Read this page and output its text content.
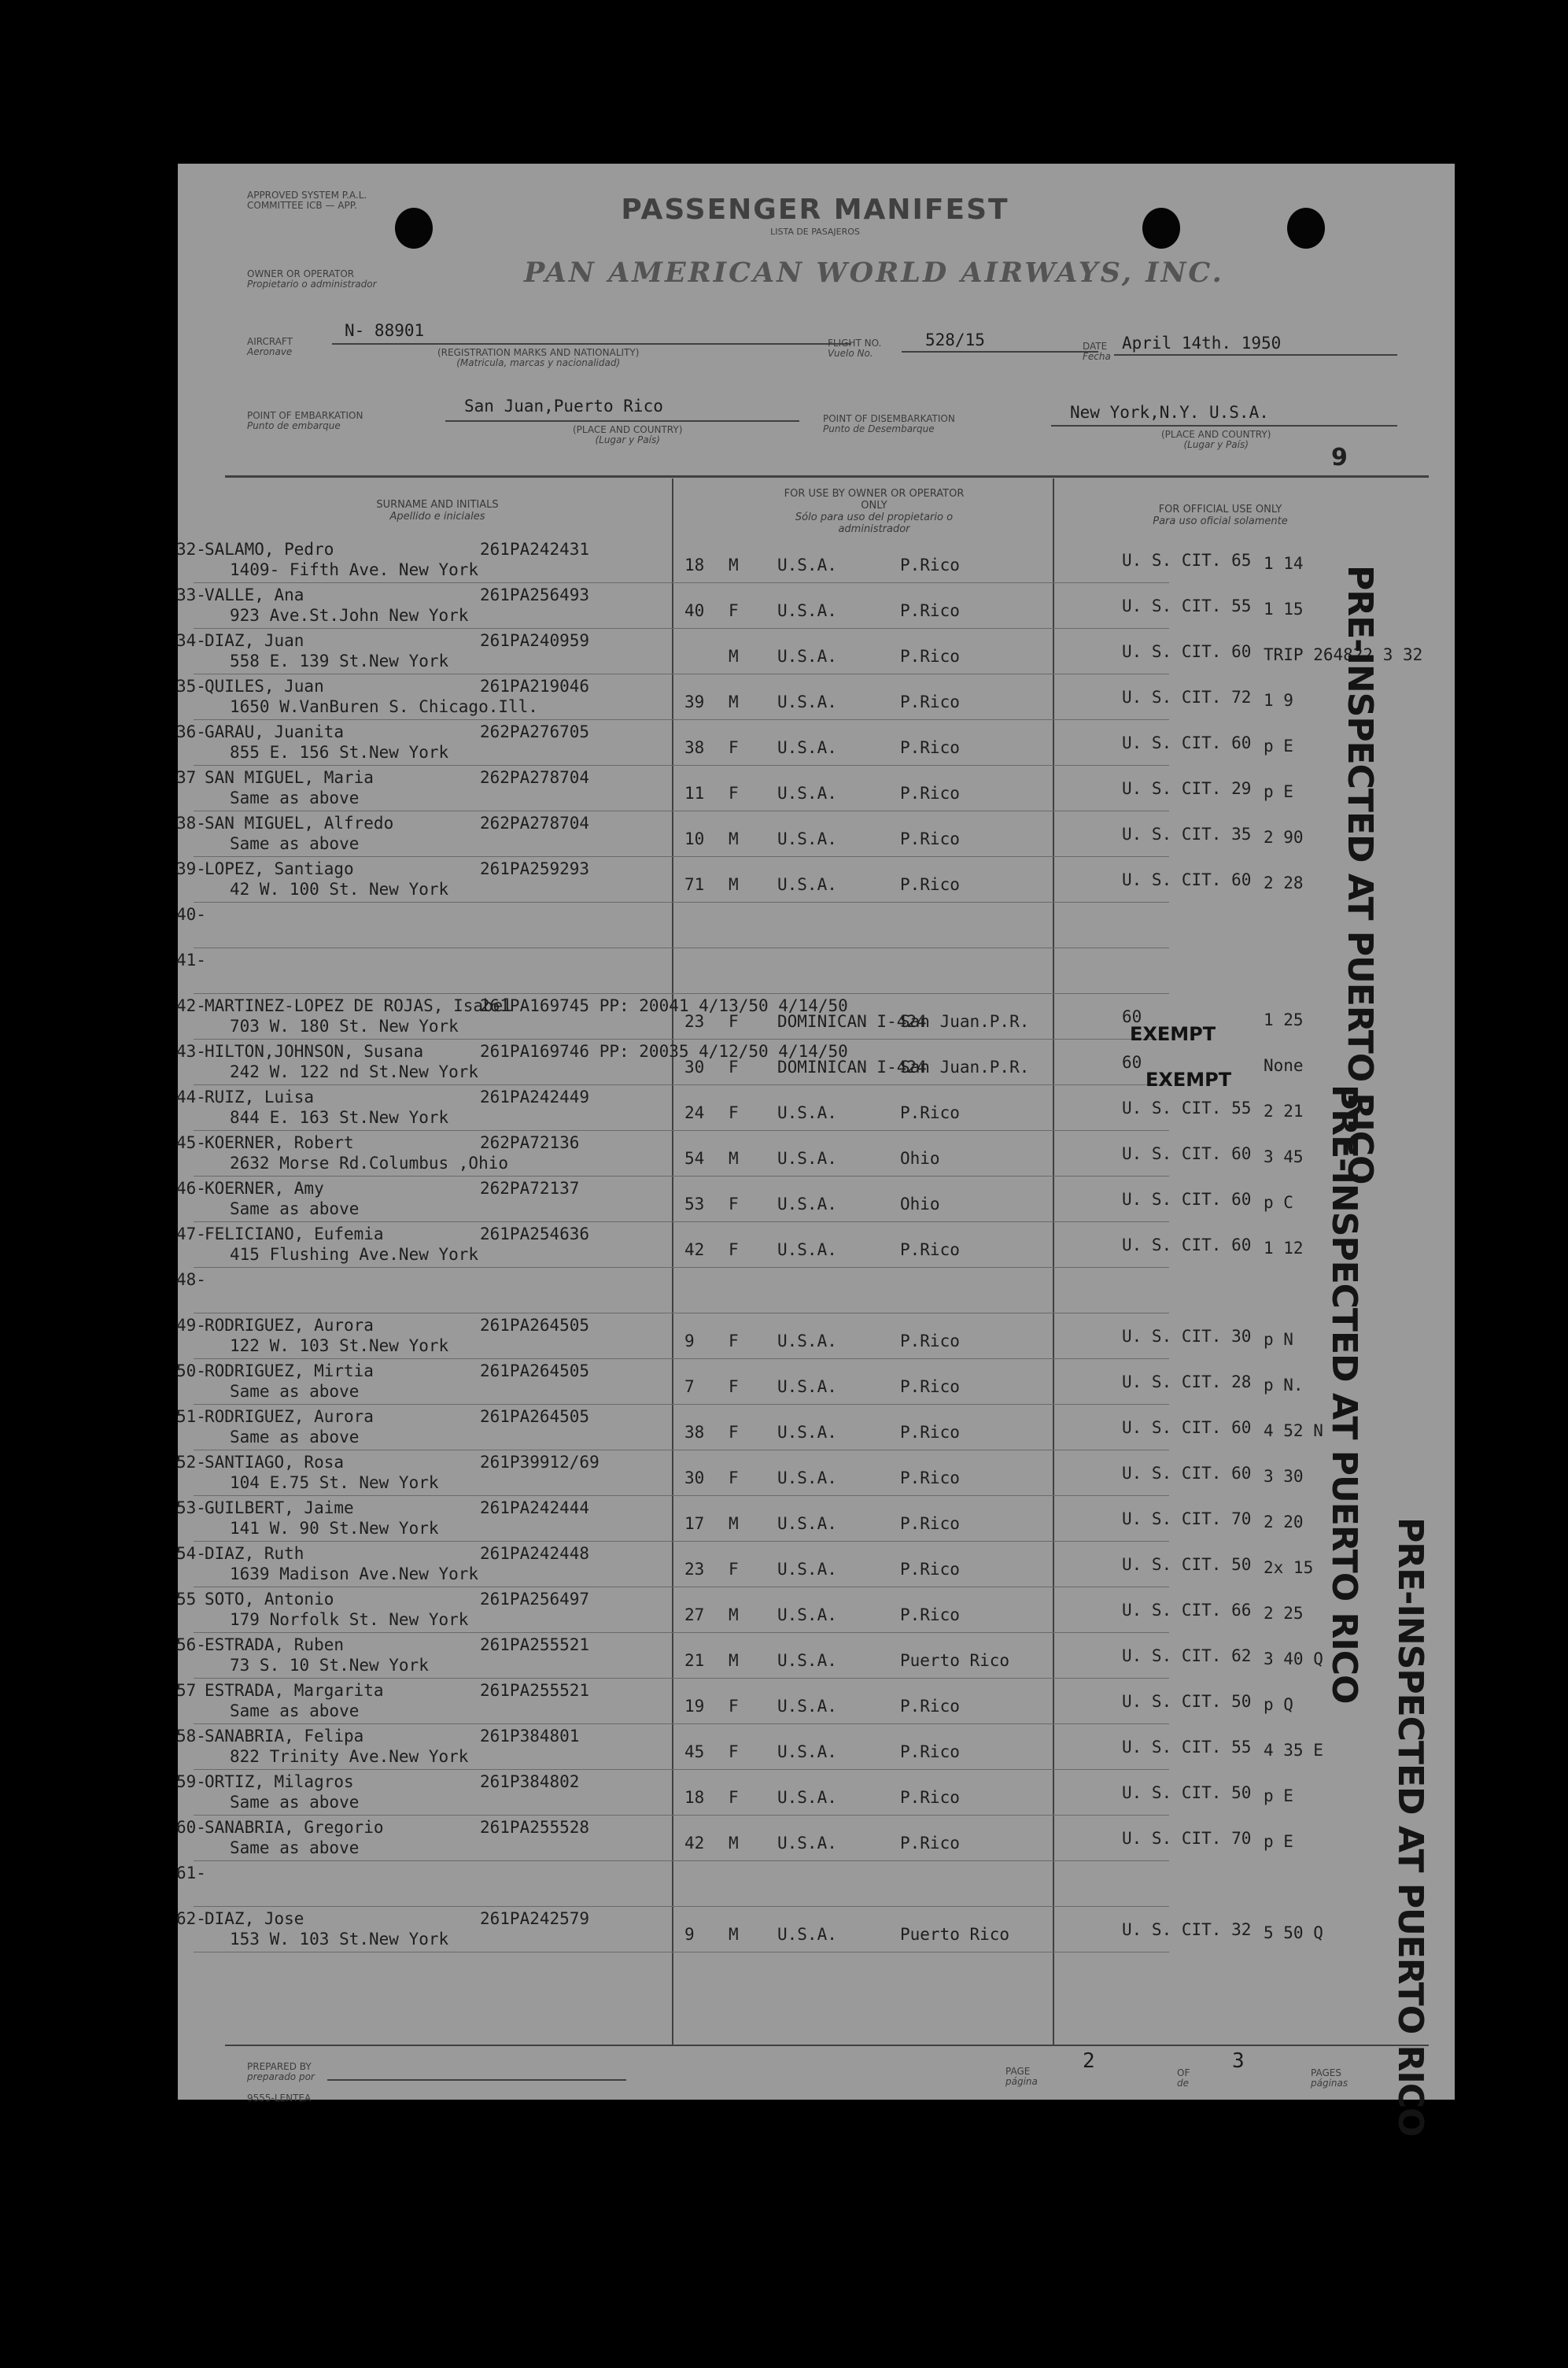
APPROVED SYSTEM P.A.L. COMMITTEE ICB — APP.	PASSENGER MANIFEST
LISTA DE PASAJEROS
OWNER OR OPERATOR
Propietario o administrador	PAN AMERICAN WORLD AIRWAYS, INC.
AIRCRAFT
Aeronave
N- 88901
(REGISTRATION MARKS AND NATIONALITY)
(Matricula, marcas y nacionalidad)
FLIGHT NO.
Vuelo No.
528/15	DATE
Fecha
April 14th. 1950
POINT OF EMBARKATION
Punto de embarque
San Juan,Puerto Rico
(PLACE AND COUNTRY)
(Lugar y País)
POINT OF DISEMBARKATION
Punto de Desembarque
New York,N.Y. U.S.A.
(PLACE AND COUNTRY)
(Lugar y País)	9
SURNAME AND INITIALS
Apellido e iniciales
FOR USE BY OWNER OR OPERATOR ONLY
Sólo para uso del propietario o administrador
FOR OFFICIAL USE ONLY
Para uso oficial solamente
32-
SALAMO, Pedro	261PA242431
1409- Fifth Ave. New York	18 M U.S.A.	P.Rico	U. S. CIT. 65 1 14
33-
VALLE, Ana	261PA256493
923 Ave.St.John New York	40 F U.S.A.	P.Rico	U. S. CIT. 55 1 15
34-
DIAZ, Juan	261PA240959
558 E. 139 St.New York	M U.S.A.	P.Rico	U. S. CIT. 60 TRIP 264822 3 32
35-
QUILES, Juan	261PA219046
1650 W.VanBuren S. Chicago.Ill.	39 M U.S.A.	P.Rico	U. S. CIT. 72 1 9
36-
GARAU, Juanita	262PA276705
855 E. 156 St.New York	38 F U.S.A.	P.Rico	U. S. CIT. 60 p E
37 SAN MIGUEL, Maria	262PA278704
Same as above	11 F U.S.A.	P.Rico	U. S. CIT. 29 p E
38-
SAN MIGUEL, Alfredo	262PA278704
Same as above	10 M U.S.A.	P.Rico	U. S. CIT. 35 2 90
39-
LOPEZ, Santiago	261PA259293
42 W. 100 St. New York	71 M U.S.A.	P.Rico	U. S. CIT. 60 2 28
40-
41-
42-
MARTINEZ-LOPEZ DE ROJAS, Isabel
261PA169745 PP: 20041 4/13/50 4/14/50
703 W. 180 St. New York	23 F DOMINICAN I-424
San Juan.P.R.	60	1 25
43-
HILTON,JOHNSON, Susana	261PA169746 PP: 20035 4/12/50 4/14/50
242 W. 122 nd St.New York	30 F DOMINICAN I-424
San Juan.P.R.	60	None
44-
RUIZ, Luisa	261PA242449
844 E. 163 St.New York	24 F U.S.A.	P.Rico	U. S. CIT. 55 2 21
45-
KOERNER, Robert	262PA72136
2632 Morse Rd.Columbus ,Ohio	54 M U.S.A.	Ohio	U. S. CIT. 60 3 45
46-
KOERNER, Amy	262PA72137
Same as above	53 F U.S.A.	Ohio	U. S. CIT. 60 p C
47-
FELICIANO, Eufemia	261PA254636
415 Flushing Ave.New York	42 F U.S.A.	P.Rico	U. S. CIT. 60 1 12
48-
49-
RODRIGUEZ, Aurora	261PA264505
122 W. 103 St.New York	9 F U.S.A.	P.Rico	U. S. CIT. 30 p N
50-
RODRIGUEZ, Mirtia	261PA264505
Same as above	7 F U.S.A.	P.Rico	U. S. CIT. 28 p N.
51-
RODRIGUEZ, Aurora	261PA264505
Same as above	38 F U.S.A.	P.Rico	U. S. CIT. 60 4 52 N
52-
SANTIAGO, Rosa	261P39912/69
104 E.75 St. New York	30 F U.S.A.	P.Rico	U. S. CIT. 60 3 30
53-
GUILBERT, Jaime	261PA242444
141 W. 90 St.New York	17 M U.S.A.	P.Rico	U. S. CIT. 70 2 20
54-
DIAZ, Ruth	261PA242448
1639 Madison Ave.New York	23 F U.S.A.	P.Rico	U. S. CIT. 50 2x 15
55 SOTO, Antonio	261PA256497
179 Norfolk St. New York	27 M U.S.A.	P.Rico	U. S. CIT. 66 2 25
56-
ESTRADA, Ruben	261PA255521
73 S. 10 St.New York	21 M U.S.A.	Puerto Rico	U. S. CIT. 62 3 40 Q
57 ESTRADA, Margarita	261PA255521
Same as above	19 F U.S.A.	P.Rico	U. S. CIT. 50 p Q
58-
SANABRIA, Felipa	261P384801
822 Trinity Ave.New York	45 F U.S.A.	P.Rico	U. S. CIT. 55 4 35 E
59-
ORTIZ, Milagros	261P384802
Same as above	18 F U.S.A.	P.Rico	U. S. CIT. 50 p E
60-
SANABRIA, Gregorio	261PA255528
Same as above	42 M U.S.A.	P.Rico	U. S. CIT. 70 p E
61-
62-
DIAZ, Jose	261PA242579
153 W. 103 St.New York	9 M U.S.A.	Puerto Rico	U. S. CIT. 32 5 50 Q
EXEMPT
EXEMPT	PRE-INSPECTED AT PUERTO RICO
PRE-INSPECTED AT PUERTO RICO
PRE-INSPECTED AT PUERTO RICO
PREPARED BY
preparado por
9555-LENTEA
PAGE
página
2	OF
de
3	PAGES
páginas
